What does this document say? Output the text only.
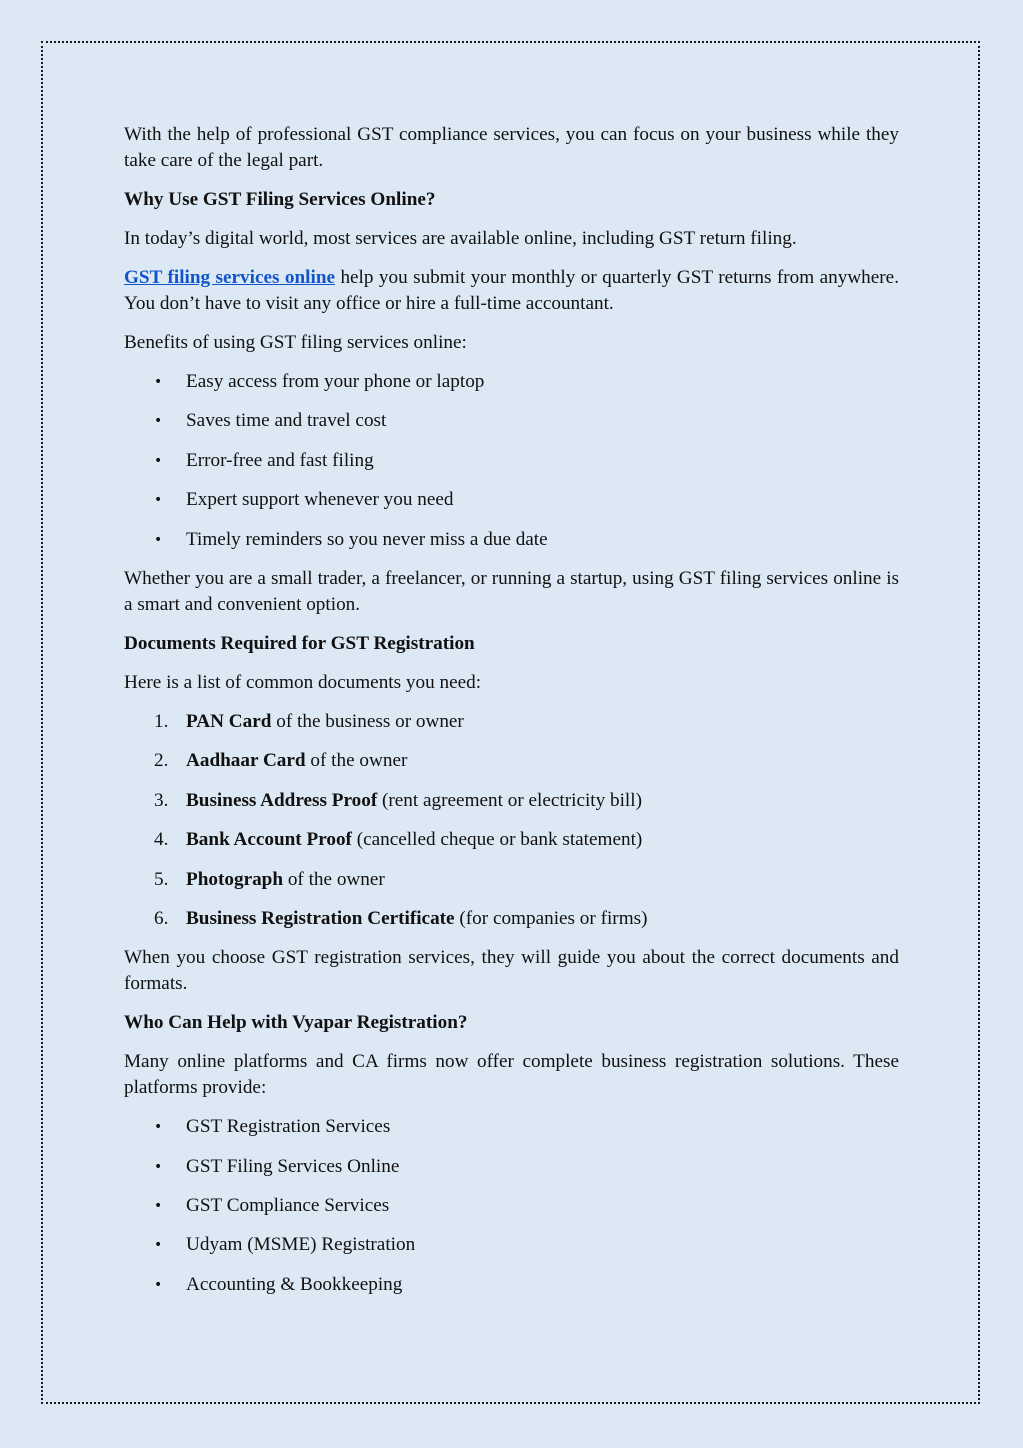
With the help of professional GST compliance services, you can focus on your business while they take care of the legal part.

Why Use GST Filing Services Online?

In today’s digital world, most services are available online, including GST return filing.

GST filing services online help you submit your monthly or quarterly GST returns from anywhere. You don’t have to visit any office or hire a full-time accountant.

Benefits of using GST filing services online:

• Easy access from your phone or laptop
• Saves time and travel cost
• Error-free and fast filing
• Expert support whenever you need
• Timely reminders so you never miss a due date

Whether you are a small trader, a freelancer, or running a startup, using GST filing services online is a smart and convenient option.

Documents Required for GST Registration

Here is a list of common documents you need:

1. PAN Card of the business or owner
2. Aadhaar Card of the owner
3. Business Address Proof (rent agreement or electricity bill)
4. Bank Account Proof (cancelled cheque or bank statement)
5. Photograph of the owner
6. Business Registration Certificate (for companies or firms)

When you choose GST registration services, they will guide you about the correct documents and formats.

Who Can Help with Vyapar Registration?

Many online platforms and CA firms now offer complete business registration solutions. These platforms provide:

• GST Registration Services
• GST Filing Services Online
• GST Compliance Services
• Udyam (MSME) Registration
• Accounting & Bookkeeping
